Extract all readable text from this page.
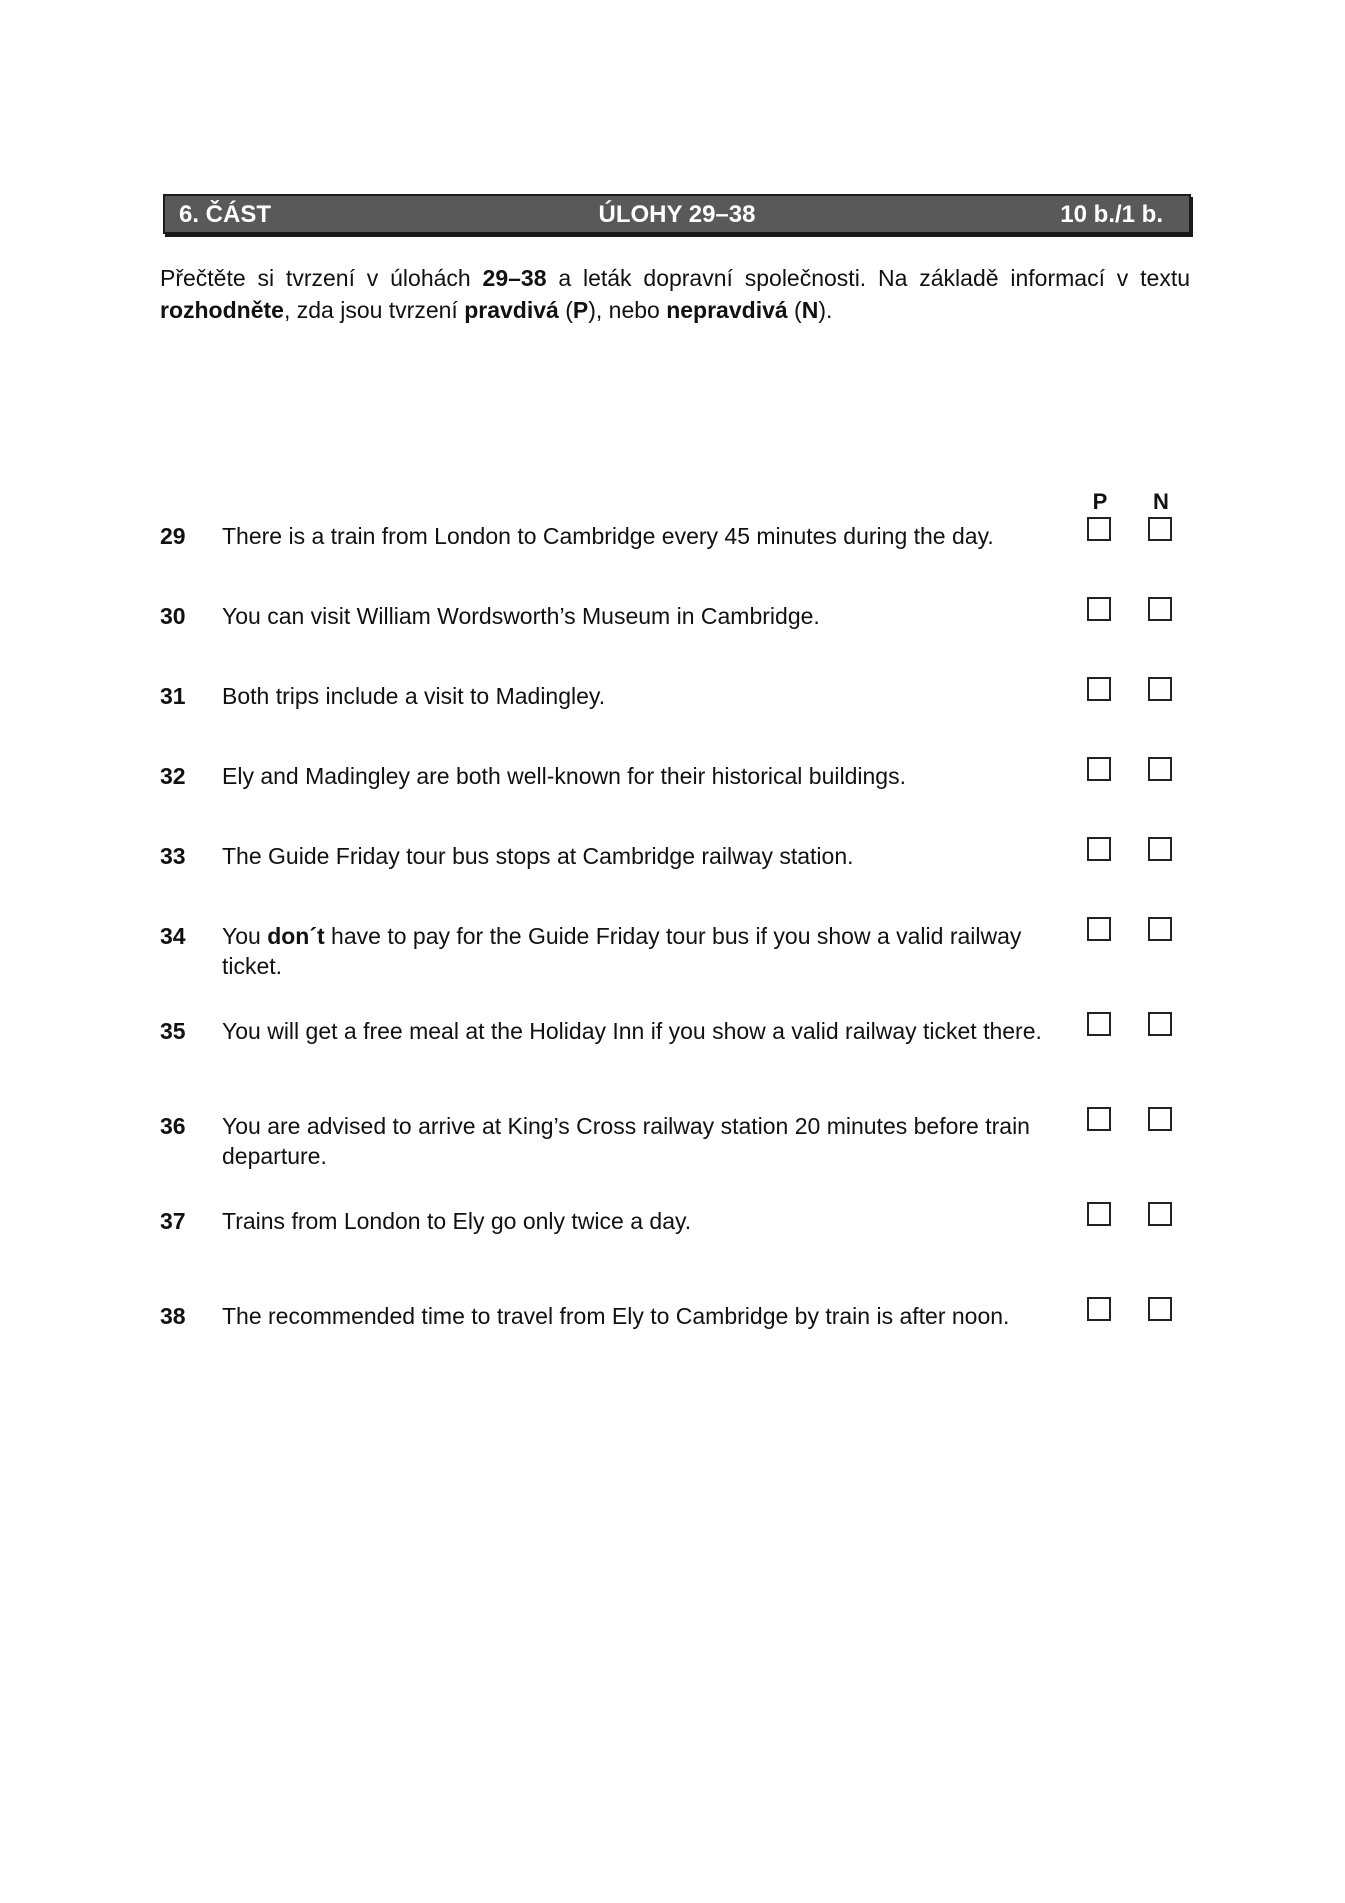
6. ČÁST	ÚLOHY 29–38	10 b./1 b.
Přečtěte si tvrzení v úlohách 29–38 a leták dopravní společnosti. Na základě informací v textu rozhodněte, zda jsou tvrzení pravdivá (P), nebo nepravdivá (N).
P	N
29 There is a train from London to Cambridge every 45 minutes during the day.
30 You can visit William Wordsworth’s Museum in Cambridge.
31 Both trips include a visit to Madingley.
32 Ely and Madingley are both well-known for their historical buildings.
33 The Guide Friday tour bus stops at Cambridge railway station.
34 You don´t have to pay for the Guide Friday tour bus if you show a valid railway ticket.
35 You will get a free meal at the Holiday Inn if you show a valid railway ticket there.
36 You are advised to arrive at King’s Cross railway station 20 minutes before train departure.
37 Trains from London to Ely go only twice a day.
38 The recommended time to travel from Ely to Cambridge by train is after noon.
